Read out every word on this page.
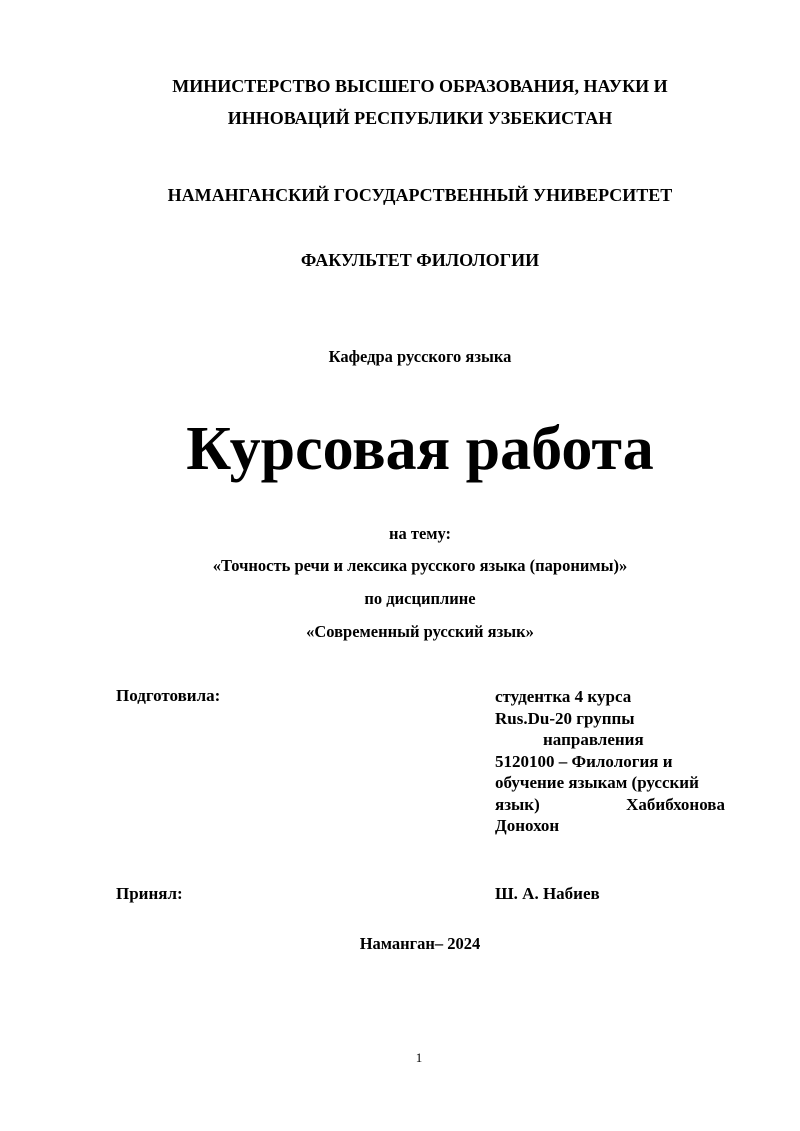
МИНИСТЕРСТВО ВЫСШЕГО ОБРАЗОВАНИЯ, НАУКИ И
ИННОВАЦИЙ РЕСПУБЛИКИ УЗБЕКИСТАН
НАМАНГАНСКИЙ ГОСУДАРСТВЕННЫЙ УНИВЕРСИТЕТ
ФАКУЛЬТЕТ ФИЛОЛОГИИ
Кафедра русского языка
Курсовая работа
на тему:
«Точность речи и лексика русского языка (паронимы)»
по дисциплине
«Современный русский язык»
Подготовила:	студентка 4 курса
Rus.Du-20 группы
направления
5120100 – Филология и
обучение языкам (русский
язык)	Хабибхонова
Донохон
Принял:	Ш. А. Набиев
Наманган– 2024
1
